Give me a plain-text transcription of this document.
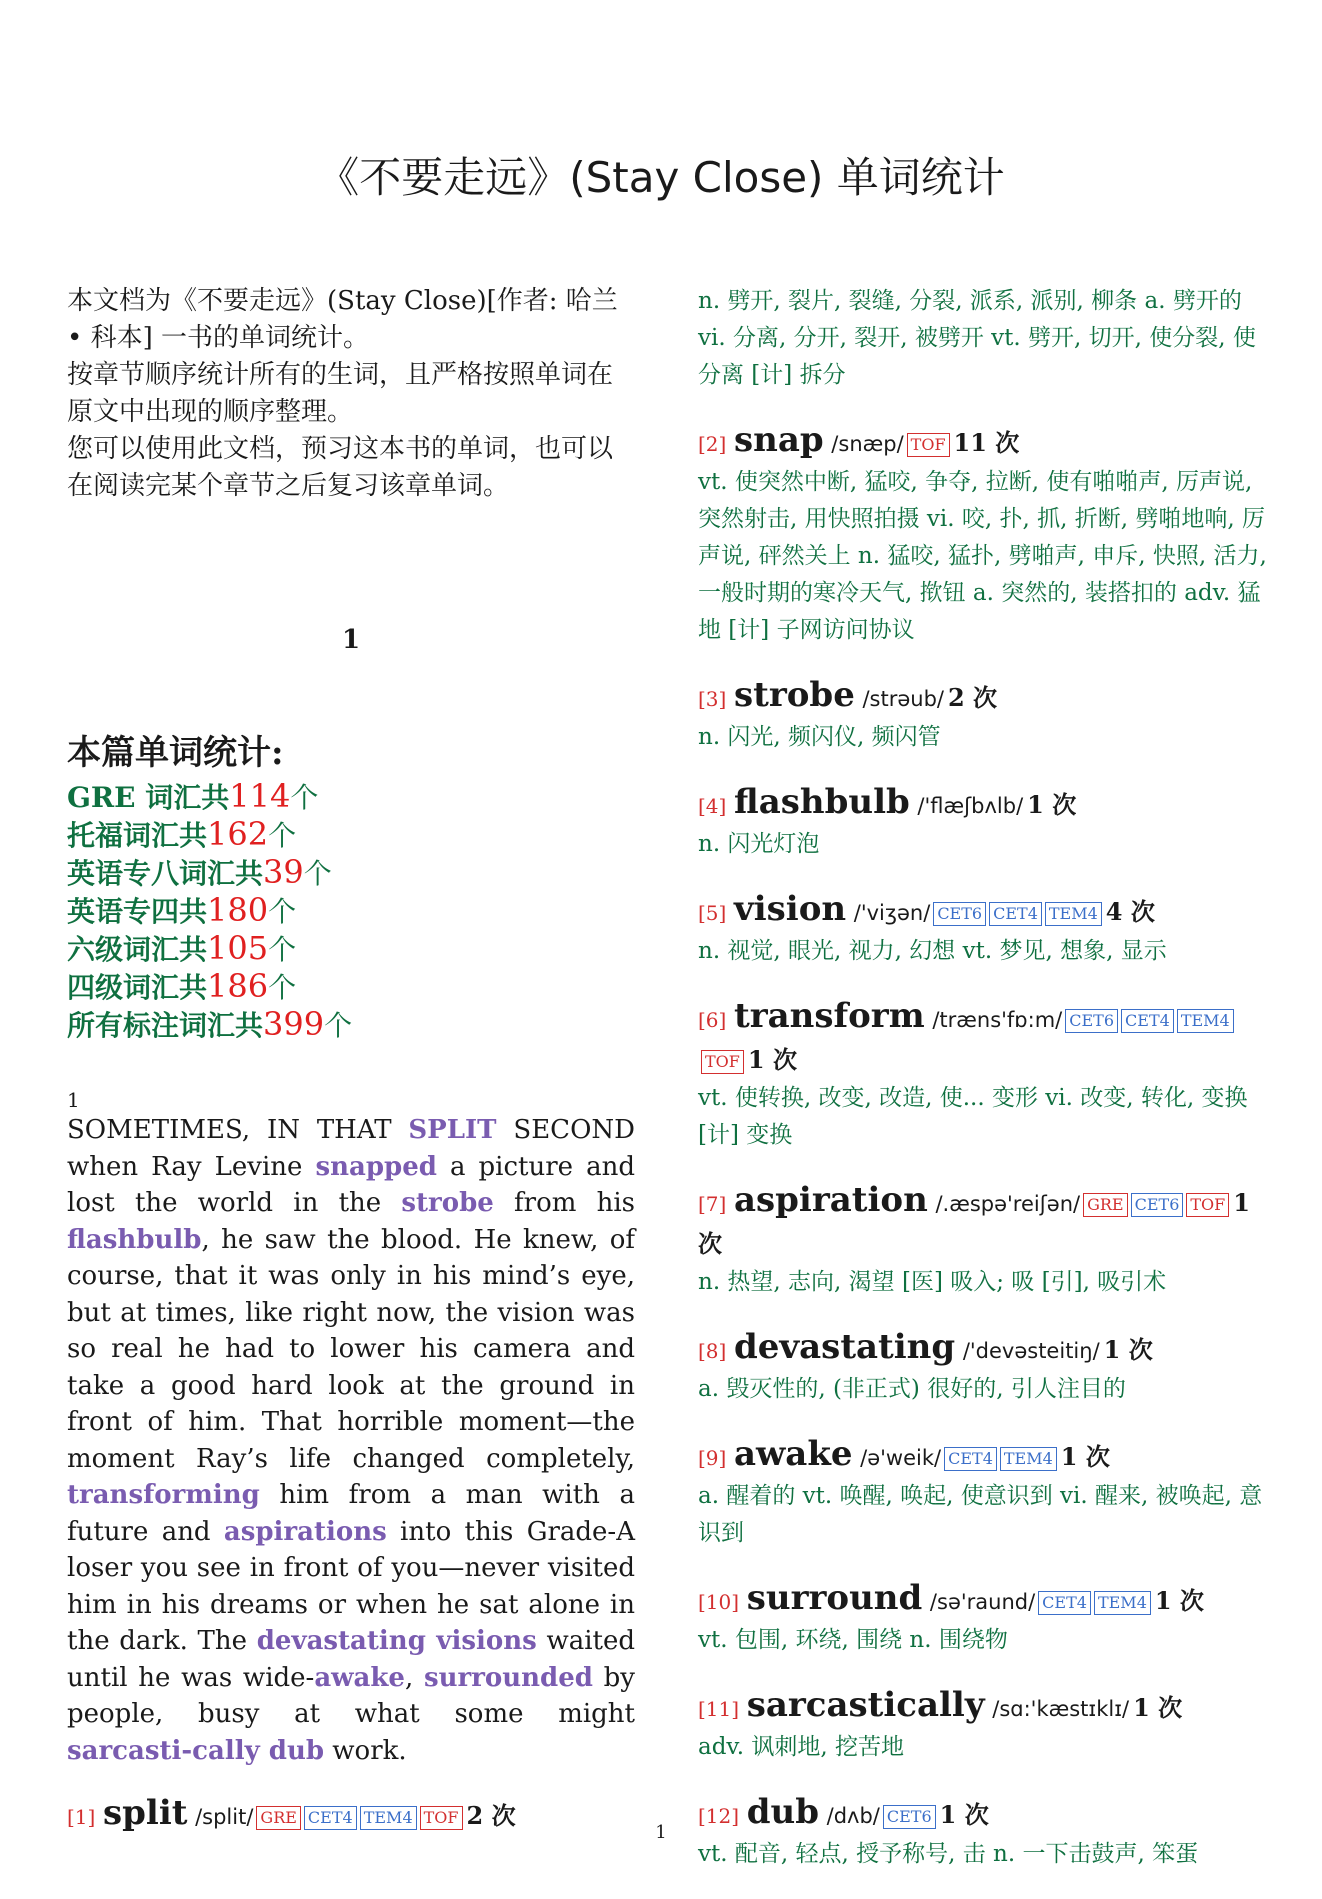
《不要走远》(Stay Close) 单词统计

本文档为《不要走远》(Stay Close)[作者: 哈兰 • 科本] 一书的单词统计。

按章节顺序统计所有的生词，且严格按照单词在原文中出现的顺序整理。

您可以使用此文档，预习这本书的单词，也可以在阅读完某个章节之后复习该章单词。

1
本篇单词统计:
GRE 词汇共114个
托福词汇共162个
英语专八词汇共39个
英语专四共180个
六级词汇共105个
四级词汇共186个
所有标注词汇共399个
1
SOMETIMES, IN THAT SPLIT SECOND when Ray Levine snapped a picture and lost the world in the strobe from his flashbulb, he saw the blood. He knew, of course, that it was only in his mind’s eye, but at times, like right now, the vision was so real he had to lower his camera and take a good hard look at the ground in front of him. That horrible moment—the moment Ray’s life changed completely, transforming him from a man with a future and aspirations into this Grade-A loser you see in front of you—never visited him in his dreams or when he sat alone in the dark. The devastating visions waited until he was wide-awake, surrounded by people, busy at what some might sarcasti-cally dub work.
[1] split /split/ GRE CET4 TEM4 TOF 2 次
n. 劈开, 裂片, 裂缝, 分裂, 派系, 派别, 柳条 a. 劈开的 vi. 分离, 分开, 裂开, 被劈开 vt. 劈开, 切开, 使分裂, 使分离 [计] 拆分
[2] snap /snæp/ TOF 11 次
vt. 使突然中断, 猛咬, 争夺, 拉断, 使有啪啪声, 厉声说, 突然射击, 用快照拍摄 vi. 咬, 扑, 抓, 折断, 劈啪地响, 厉声说, 砰然关上 n. 猛咬, 猛扑, 劈啪声, 申斥, 快照, 活力, 一般时期的寒冷天气, 揿钮 a. 突然的, 装搭扣的 adv. 猛地 [计] 子网访问协议
[3] strobe /strəub/ 2 次
n. 闪光, 频闪仪, 频闪管
[4] flashbulb /'flæʃbʌlb/ 1 次
n. 闪光灯泡
[5] vision /'viʒən/ CET6 CET4 TEM4 4 次
n. 视觉, 眼光, 视力, 幻想 vt. 梦见, 想象, 显示
[6] transform /træns'fɒ:m/ CET6 CET4 TEM4TOF 1 次
vt. 使转换, 改变, 改造, 使... 变形 vi. 改变, 转化, 变换 [计] 变换
[7] aspiration /.æspə'reiʃən/ GRE CET6 TOF 1 次
n. 热望, 志向, 渴望 [医] 吸入; 吸 [引], 吸引术
[8] devastating /'devəsteitiŋ/ 1 次
a. 毁灭性的, (非正式) 很好的, 引人注目的
[9] awake /ə'weik/ CET4 TEM4 1 次
a. 醒着的 vt. 唤醒, 唤起, 使意识到 vi. 醒来, 被唤起, 意识到
[10] surround /sə'raund/ CET4 TEM4 1 次
vt. 包围, 环绕, 围绕 n. 围绕物
[11] sarcastically /sɑ:'kæstɪklɪ/ 1 次
adv. 讽刺地, 挖苦地
[12] dub /dʌb/ CET6 1 次
vt. 配音, 轻点, 授予称号, 击 n. 一下击鼓声, 笨蛋
1
